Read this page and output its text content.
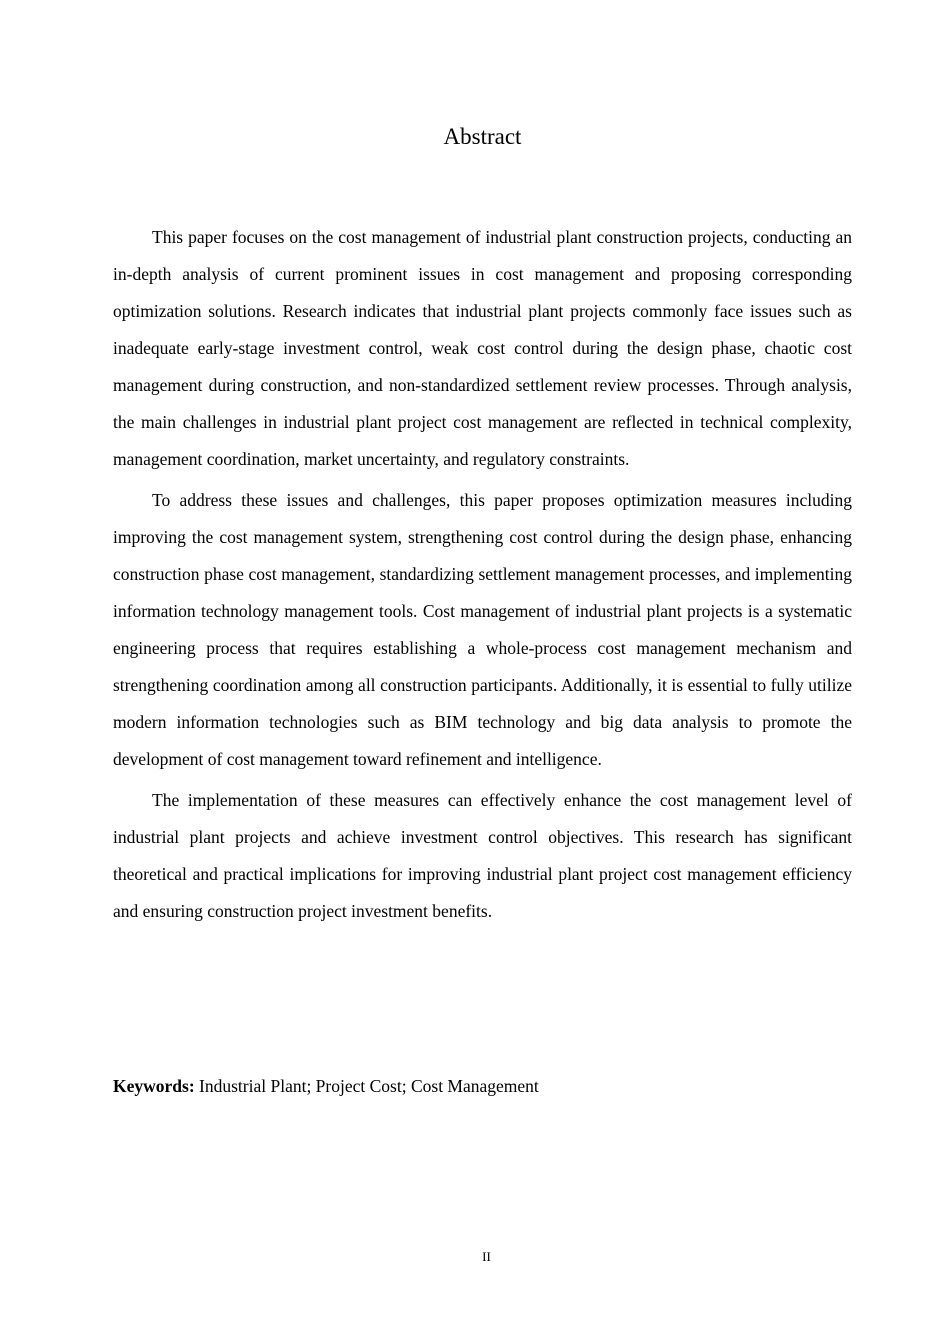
Abstract

This paper focuses on the cost management of industrial plant construction projects, conducting an in-depth analysis of current prominent issues in cost management and proposing corresponding optimization solutions. Research indicates that industrial plant projects commonly face issues such as inadequate early-stage investment control, weak cost control during the design phase, chaotic cost management during construction, and non-standardized settlement review processes. Through analysis, the main challenges in industrial plant project cost management are reflected in technical complexity, management coordination, market uncertainty, and regulatory constraints.

To address these issues and challenges, this paper proposes optimization measures including improving the cost management system, strengthening cost control during the design phase, enhancing construction phase cost management, standardizing settlement management processes, and implementing information technology management tools. Cost management of industrial plant projects is a systematic engineering process that requires establishing a whole-process cost management mechanism and strengthening coordination among all construction participants. Additionally, it is essential to fully utilize modern information technologies such as BIM technology and big data analysis to promote the development of cost management toward refinement and intelligence.

The implementation of these measures can effectively enhance the cost management level of industrial plant projects and achieve investment control objectives. This research has significant theoretical and practical implications for improving industrial plant project cost management efficiency and ensuring construction project investment benefits.

Keywords: Industrial Plant; Project Cost; Cost Management
II
